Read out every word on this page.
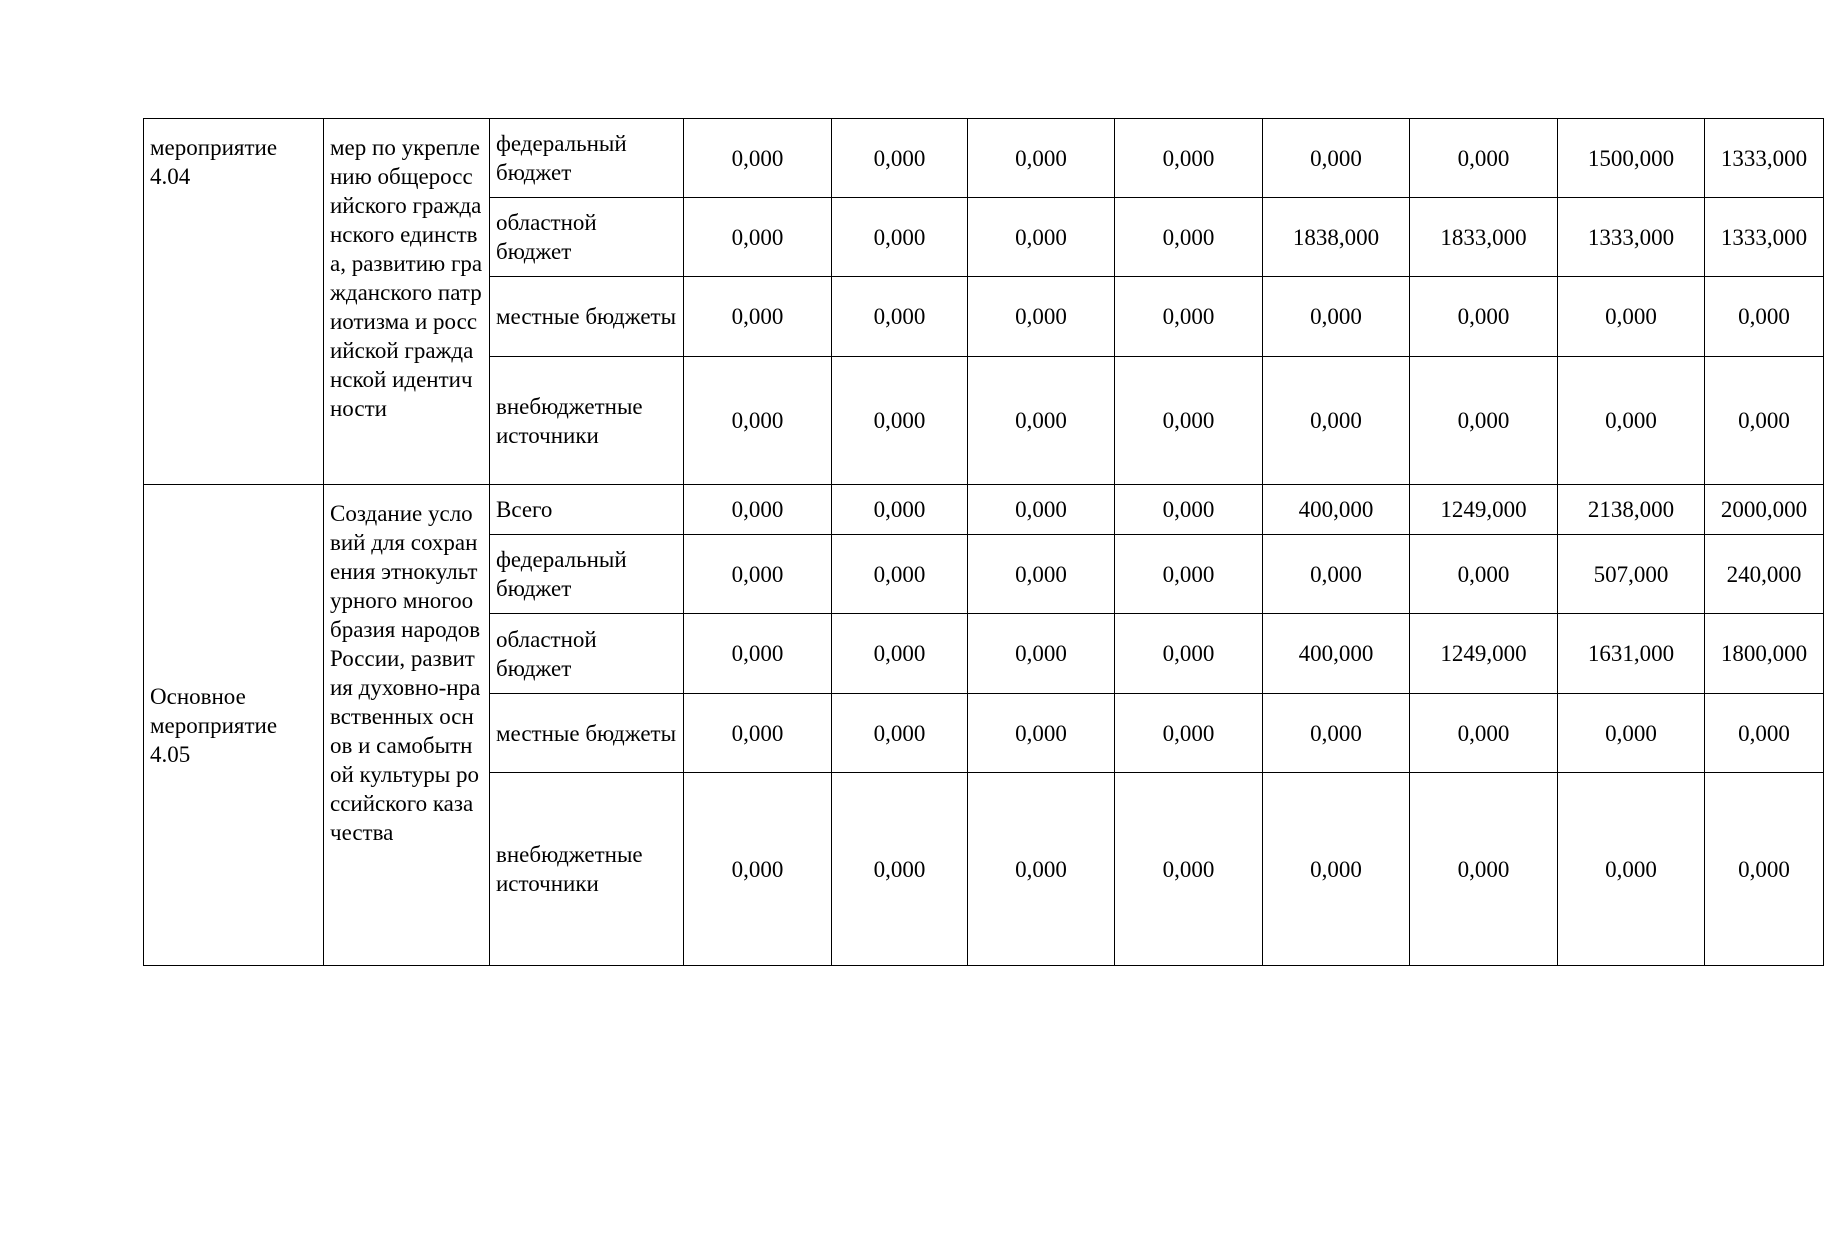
мероприятие 4.04	мер по укреплению общероссийского гражданского единства, развитию гражданского патриотизма и российской гражданской идентичности	федеральный бюджет	0,000	0,000	0,000	0,000	0,000	0,000	1500,000	1333,000
		областной бюджет	0,000	0,000	0,000	0,000	1838,000	1833,000	1333,000	1333,000
		местные бюджеты	0,000	0,000	0,000	0,000	0,000	0,000	0,000	0,000
		внебюджетные источники	0,000	0,000	0,000	0,000	0,000	0,000	0,000	0,000
Основное мероприятие 4.05	Создание условий для сохранения этнокультурного многообразия народов России, развития духовно-нравственных основ и самобытной культуры российского казачества	Всего	0,000	0,000	0,000	0,000	400,000	1249,000	2138,000	2000,000
		федеральный бюджет	0,000	0,000	0,000	0,000	0,000	0,000	507,000	240,000
		областной бюджет	0,000	0,000	0,000	0,000	400,000	1249,000	1631,000	1800,000
		местные бюджеты	0,000	0,000	0,000	0,000	0,000	0,000	0,000	0,000
		внебюджетные источники	0,000	0,000	0,000	0,000	0,000	0,000	0,000	0,000
